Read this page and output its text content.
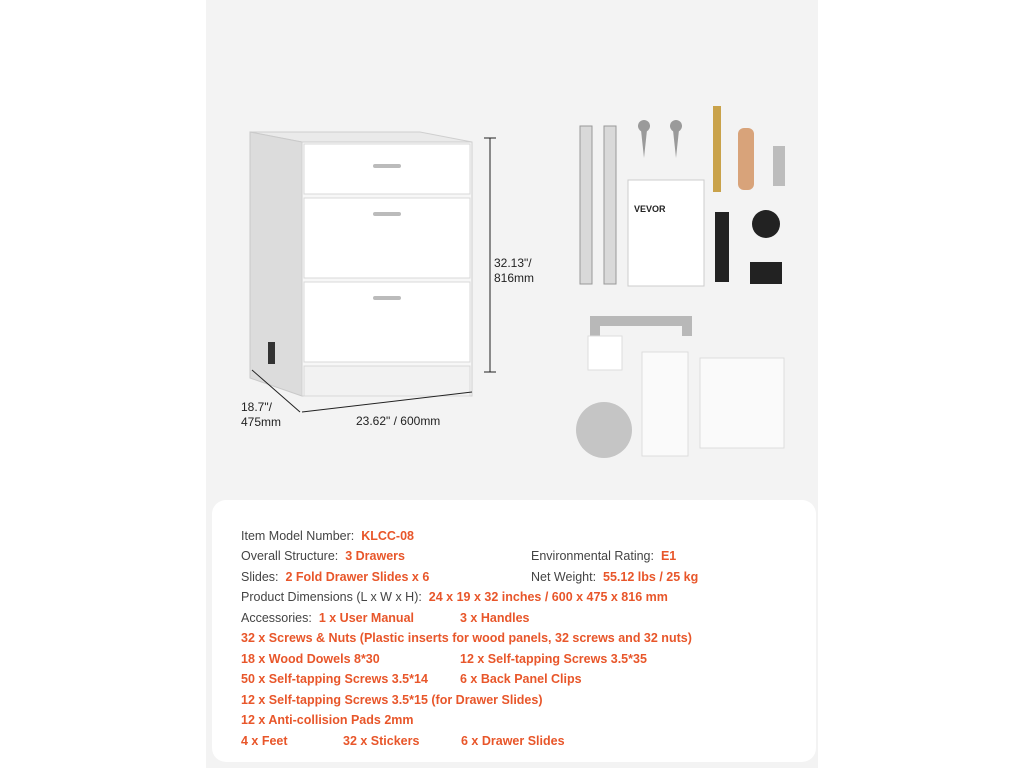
32.13"/
816mm
18.7"/
475mm	23.62" / 600mm
VEVOR
Item Model Number: KLCC-08
Overall Structure: 3 Drawers	Environmental Rating: E1
Slides: 2 Fold Drawer Slides x 6	Net Weight: 55.12 lbs / 25 kg
Product Dimensions (L x W x H): 24 x 19 x 32 inches / 600 x 475 x 816 mm
Accessories: 1 x User Manual	3 x Handles
32 x Screws & Nuts (Plastic inserts for wood panels, 32 screws and 32 nuts)
18 x Wood Dowels 8*30	12 x Self-tapping Screws 3.5*35
50 x Self-tapping Screws 3.5*14	6 x Back Panel Clips
12 x Self-tapping Screws 3.5*15 (for Drawer Slides)
12 x Anti-collision Pads 2mm
4 x Feet	32 x Stickers	6 x Drawer Slides
